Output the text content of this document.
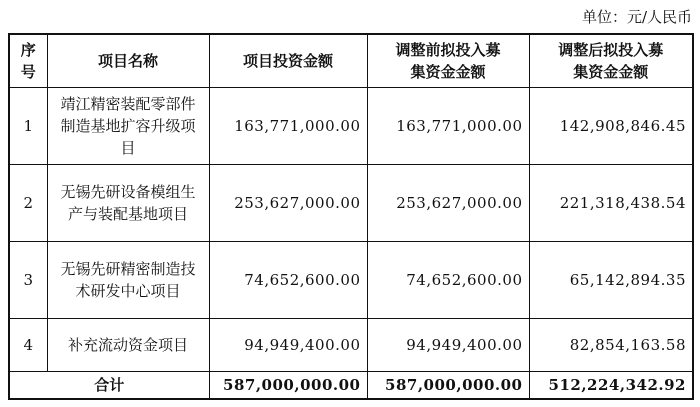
单位：元/人民币
序号	项目名称	项目投资金额	调整前拟投入募集资金金额	调整后拟投入募集资金金额
1	靖江精密装配零部件制造基地扩容升级项目	163,771,000.00	163,771,000.00	142,908,846.45
2	无锡先研设备模组生产与装配基地项目	253,627,000.00	253,627,000.00	221,318,438.54
3	无锡先研精密制造技术研发中心项目	74,652,600.00	74,652,600.00	65,142,894.35
4	补充流动资金项目	94,949,400.00	94,949,400.00	82,854,163.58
合计		587,000,000.00	587,000,000.00	512,224,342.92
